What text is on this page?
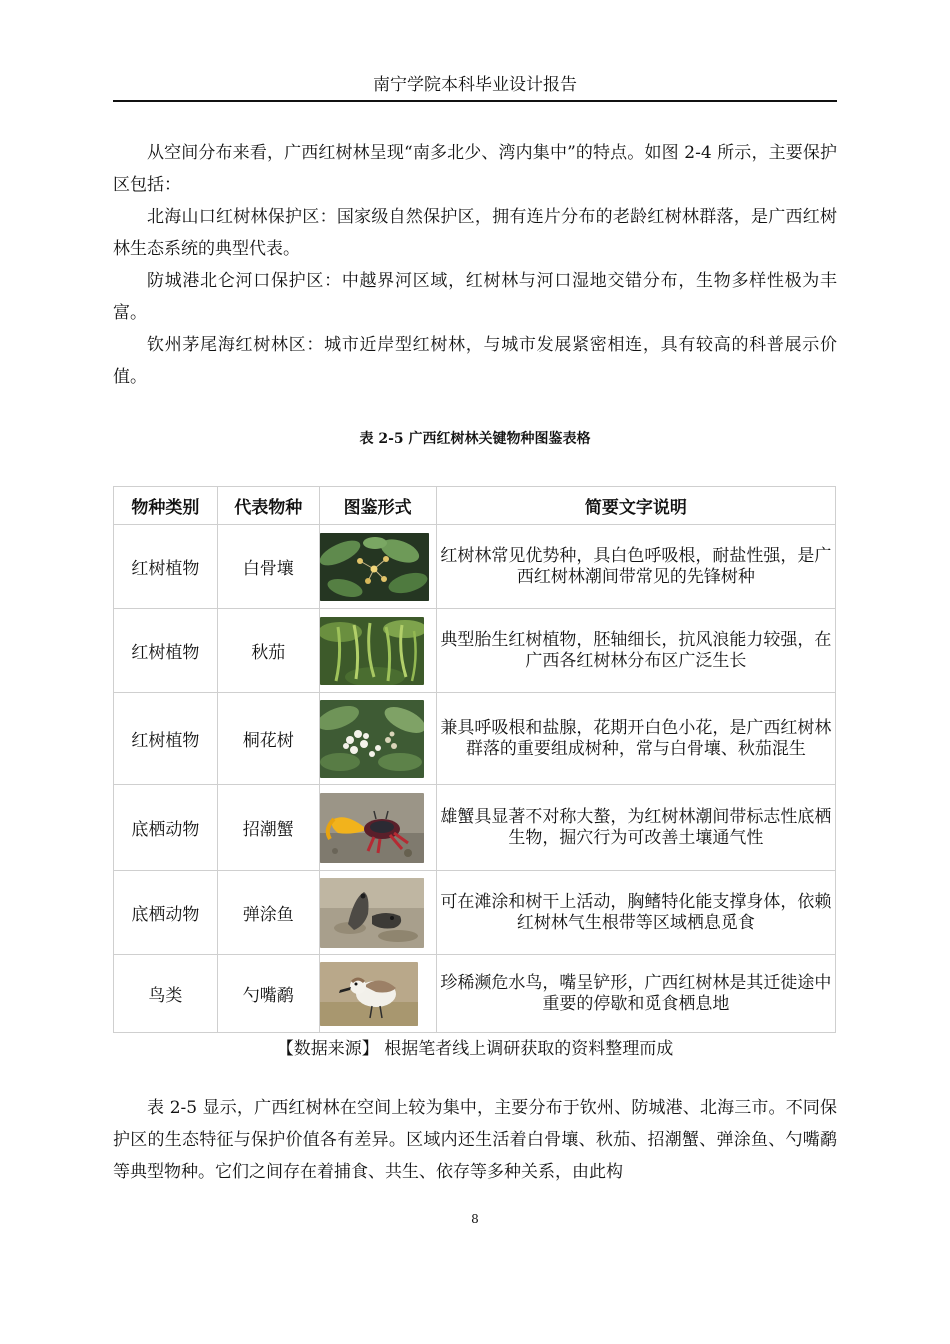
南宁学院本科毕业设计报告

从空间分布来看，广西红树林呈现“南多北少、湾内集中”的特点。如图 2-4 所示，主要保护区包括：

北海山口红树林保护区：国家级自然保护区，拥有连片分布的老龄红树林群落，是广西红树林生态系统的典型代表。

防城港北仑河口保护区：中越界河区域，红树林与河口湿地交错分布，生物多样性极为丰富。

钦州茅尾海红树林区：城市近岸型红树林，与城市发展紧密相连，具有较高的科普展示价值。

表 2-5 广西红树林关键物种图鉴表格
物种类别	代表物种	图鉴形式	简要文字说明
红树植物	白骨壤		红树林常见优势种，具白色呼吸根，耐盐性强，是广西红树林潮间带常见的先锋树种
红树植物	秋茄		典型胎生红树植物，胚轴细长，抗风浪能力较强，在广西各红树林分布区广泛生长
红树植物	桐花树		兼具呼吸根和盐腺，花期开白色小花，是广西红树林群落的重要组成树种，常与白骨壤、秋茄混生
底栖动物	招潮蟹		雄蟹具显著不对称大螯，为红树林潮间带标志性底栖生物，掘穴行为可改善土壤通气性
底栖动物	弹涂鱼		可在滩涂和树干上活动，胸鳍特化能支撑身体，依赖红树林气生根带等区域栖息觅食
鸟类	勺嘴鹬		珍稀濒危水鸟，嘴呈铲形，广西红树林是其迁徙途中重要的停歇和觅食栖息地
【数据来源】 根据笔者线上调研获取的资料整理而成

表 2-5 显示，广西红树林在空间上较为集中，主要分布于钦州、防城港、北海三市。不同保护区的生态特征与保护价值各有差异。区域内还生活着白骨壤、秋茄、招潮蟹、弹涂鱼、勺嘴鹬等典型物种。它们之间存在着捕食、共生、依存等多种关系，由此构

8
